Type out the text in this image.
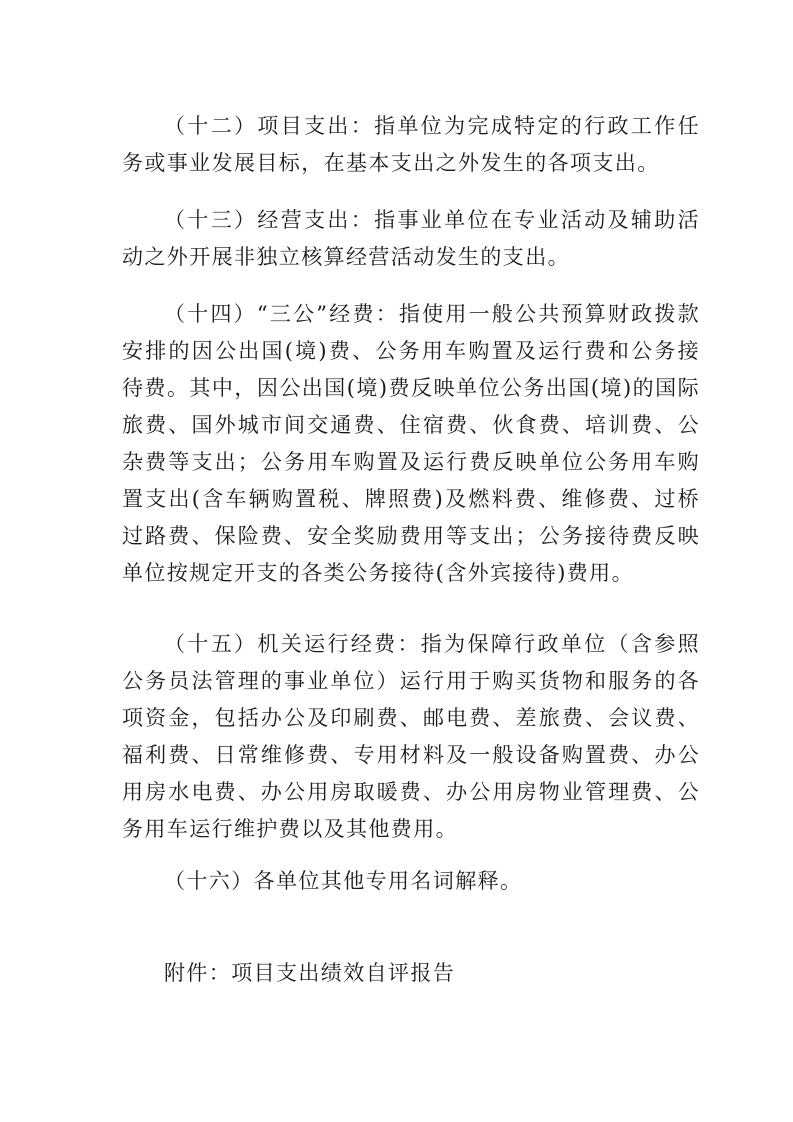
（十二）项目支出：指单位为完成特定的行政工作任务或事业发展目标，在基本支出之外发生的各项支出。

（十三）经营支出：指事业单位在专业活动及辅助活动之外开展非独立核算经营活动发生的支出。

（十四）“三公”经费：指使用一般公共预算财政拨款安排的因公出国(境)费、公务用车购置及运行费和公务接待费。其中，因公出国(境)费反映单位公务出国(境)的国际旅费、国外城市间交通费、住宿费、伙食费、培训费、公杂费等支出；公务用车购置及运行费反映单位公务用车购置支出(含车辆购置税、牌照费)及燃料费、维修费、过桥过路费、保险费、安全奖励费用等支出；公务接待费反映单位按规定开支的各类公务接待(含外宾接待)费用。

（十五）机关运行经费：指为保障行政单位（含参照公务员法管理的事业单位）运行用于购买货物和服务的各项资金，包括办公及印刷费、邮电费、差旅费、会议费、福利费、日常维修费、专用材料及一般设备购置费、办公用房水电费、办公用房取暖费、办公用房物业管理费、公务用车运行维护费以及其他费用。

（十六）各单位其他专用名词解释。

附件：项目支出绩效自评报告
